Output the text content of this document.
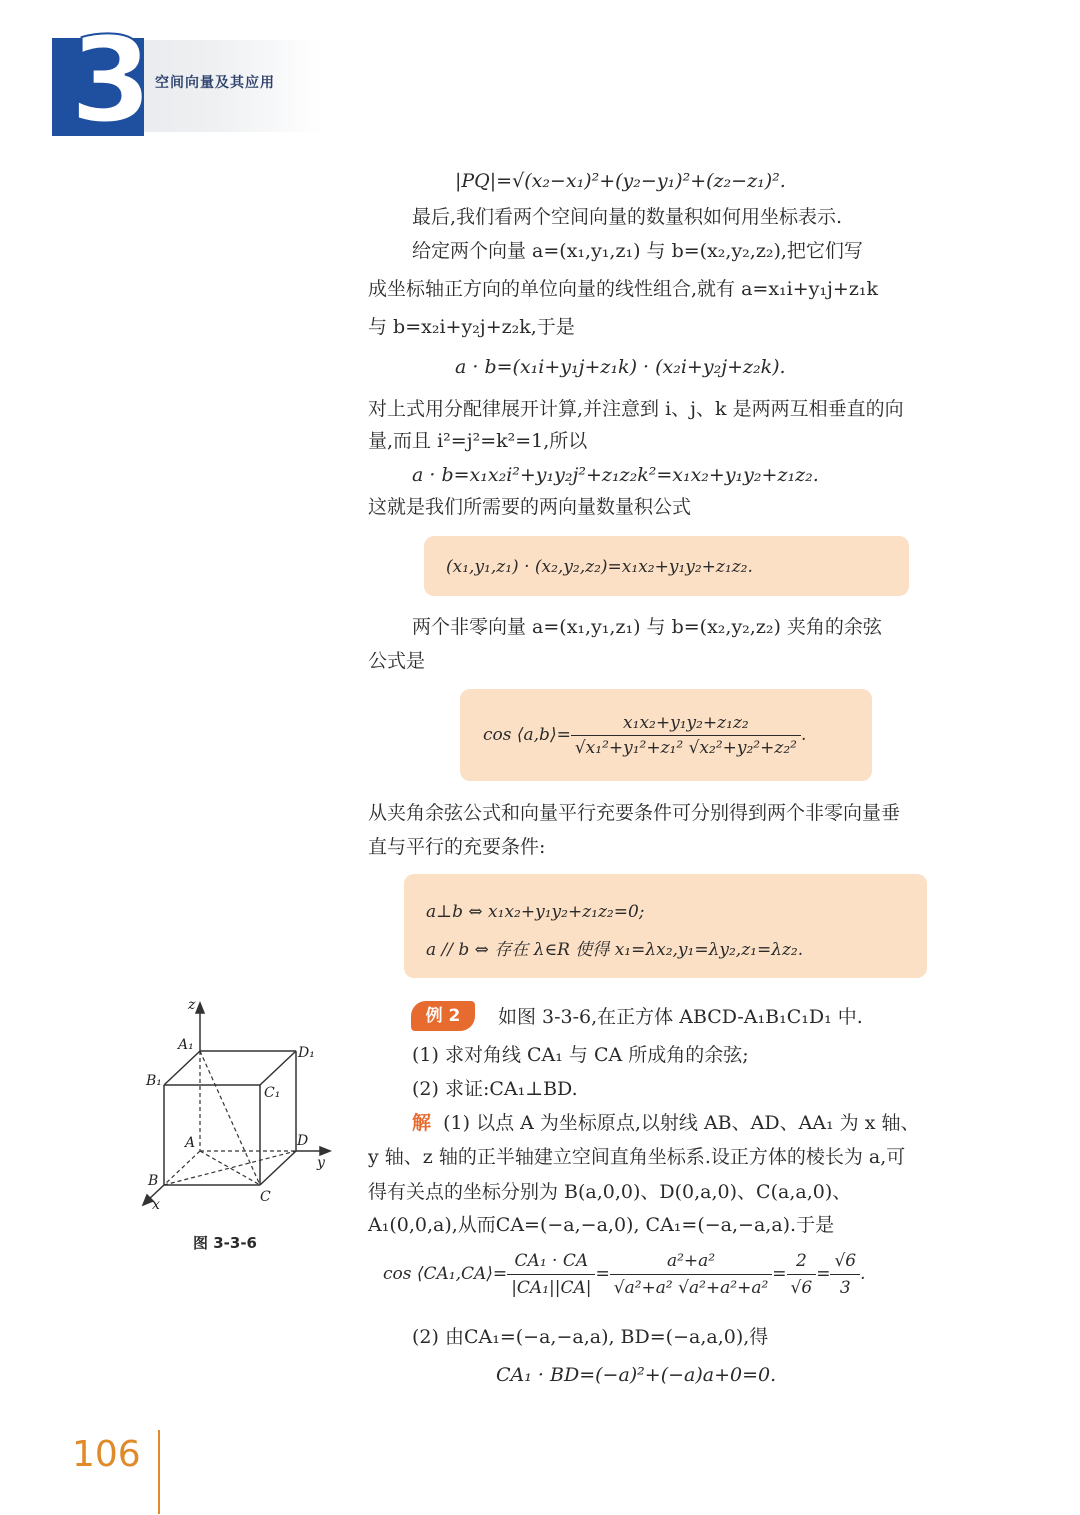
3 空间向量及其应用
|PQ|=√(x₂−x₁)²+(y₂−y₁)²+(z₂−z₁)².
最后,我们看两个空间向量的数量积如何用坐标表示.
给定两个向量 a=(x₁,y₁,z₁) 与 b=(x₂,y₂,z₂),把它们写
成坐标轴正方向的单位向量的线性组合,就有 a=x₁i+y₁j+z₁k
与 b=x₂i+y₂j+z₂k,于是
a · b=(x₁i+y₁j+z₁k) · (x₂i+y₂j+z₂k).
对上式用分配律展开计算,并注意到 i、j、k 是两两互相垂直的向
量,而且 i²=j²=k²=1,所以
a · b=x₁x₂i²+y₁y₂j²+z₁z₂k²=x₁x₂+y₁y₂+z₁z₂.
这就是我们所需要的两向量数量积公式
(x₁,y₁,z₁) · (x₂,y₂,z₂)=x₁x₂+y₁y₂+z₁z₂.
两个非零向量 a=(x₁,y₁,z₁) 与 b=(x₂,y₂,z₂) 夹角的余弦
公式是
cos ⟨a,b⟩= $\frac{\text{x₁x₂+y₁y₂+z₁z₂}}{\text{√x₁²+y₁²+z₁² √x₂²+y₂²+z₂²}}$ .
从夹角余弦公式和向量平行充要条件可分别得到两个非零向量垂
直与平行的充要条件:
a⊥b ⇔ x₁x₂+y₁y₂+z₁z₂=0;
a // b ⇔ 存在 λ∈R 使得 x₁=λx₂,y₁=λy₂,z₁=λz₂.
例 2	如图 3-3-6,在正方体 ABCD-A₁B₁C₁D₁ 中.
(1) 求对角线 CA₁ 与 CA 所成角的余弦;
(2) 求证:CA₁⊥BD.
解 (1) 以点 A 为坐标原点,以射线 AB、AD、AA₁ 为 x 轴、
y 轴、z 轴的正半轴建立空间直角坐标系.设正方体的棱长为 a,可
得有关点的坐标分别为 B(a,0,0)、D(0,a,0)、C(a,a,0)、
A₁(0,0,a),从而CA=(−a,−a,0), CA₁=(−a,−a,a).于是
cos ⟨CA₁,CA⟩= $\frac{\text{CA₁ · CA}}{\text{|CA₁||CA|}} = \frac{\text{a²+a²}}{\text{√a²+a² √a²+a²+a²}} = \frac{2}{√6} = \frac{√6}{3}$ .
(2) 由CA₁=(−a,−a,a), BD=(−a,a,0),得
CA₁ · BD=(−a)²+(−a)a+0=0.
z
y
x
A₁	D₁
B₁
C₁
A	D
B
C
图 3-3-6
106
